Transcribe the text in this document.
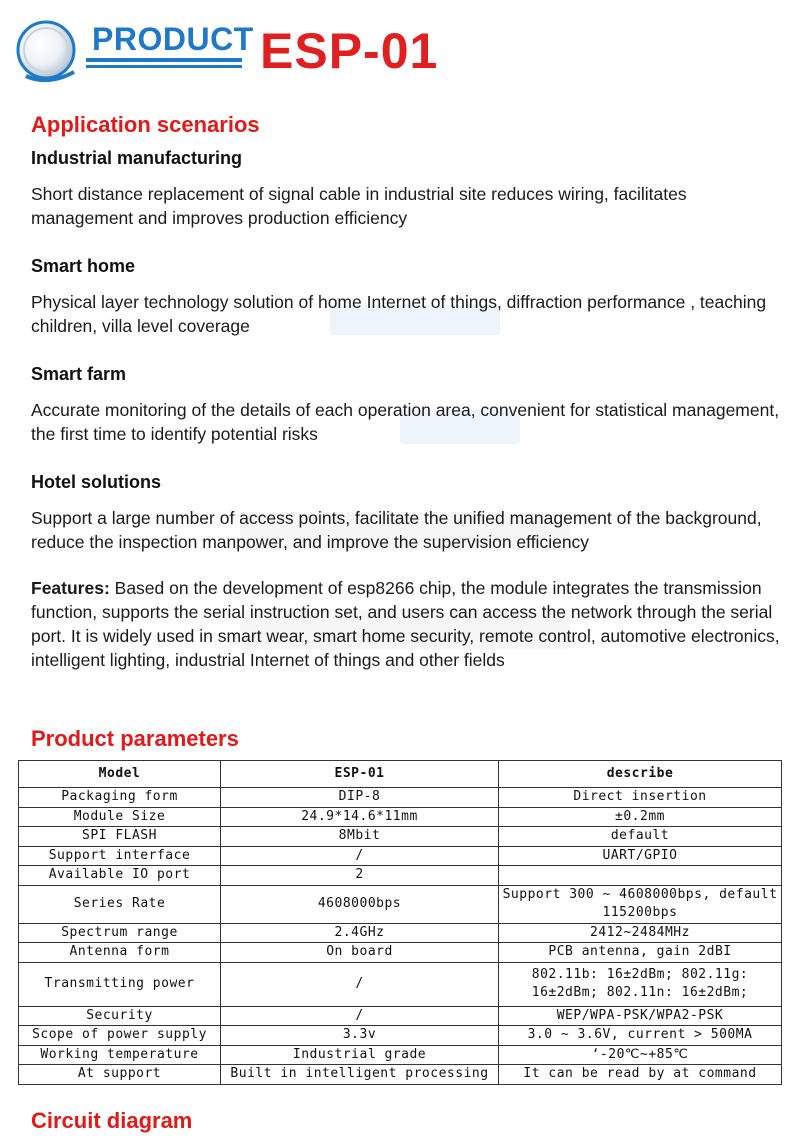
PRODUCT ESP-01
Application scenarios
Industrial manufacturing
Short distance replacement of signal cable in industrial site reduces wiring, facilitates management and improves production efficiency
Smart home
Physical layer technology solution of home Internet of things, diffraction performance , teaching children, villa level coverage
Smart farm
Accurate monitoring of the details of each operation area, convenient for statistical management, the first time to identify potential risks
Hotel solutions
Support a large number of access points, facilitate the unified management of the background, reduce the inspection manpower, and improve the supervision efficiency
Features: Based on the development of esp8266 chip, the module integrates the transmission function, supports the serial instruction set, and users can access the network through the serial port. It is widely used in smart wear, smart home security, remote control, automotive electronics, intelligent lighting, industrial Internet of things and other fields
Product parameters
Model	ESP-01	describe
Packaging form	DIP-8	Direct insertion
Module Size	24.9*14.6*11mm	±0.2mm
SPI FLASH	8Mbit	default
Support interface	/	UART/GPIO
Available IO port	2	
Series Rate	4608000bps	Support 300 ~ 4608000bps, default 115200bps
Spectrum range	2.4GHz	2412~2484MHz
Antenna form	On board	PCB antenna, gain 2dBI
Transmitting power	/	802.11b: 16±2dBm; 802.11g: 16±2dBm; 802.11n: 16±2dBm;
Security	/	WEP/WPA-PSK/WPA2-PSK
Scope of power supply	3.3v	3.0 ~ 3.6V, current > 500MA
Working temperature	Industrial grade	‘-20℃~+85℃
At support	Built in intelligent processing	It can be read by at command
Circuit diagram
